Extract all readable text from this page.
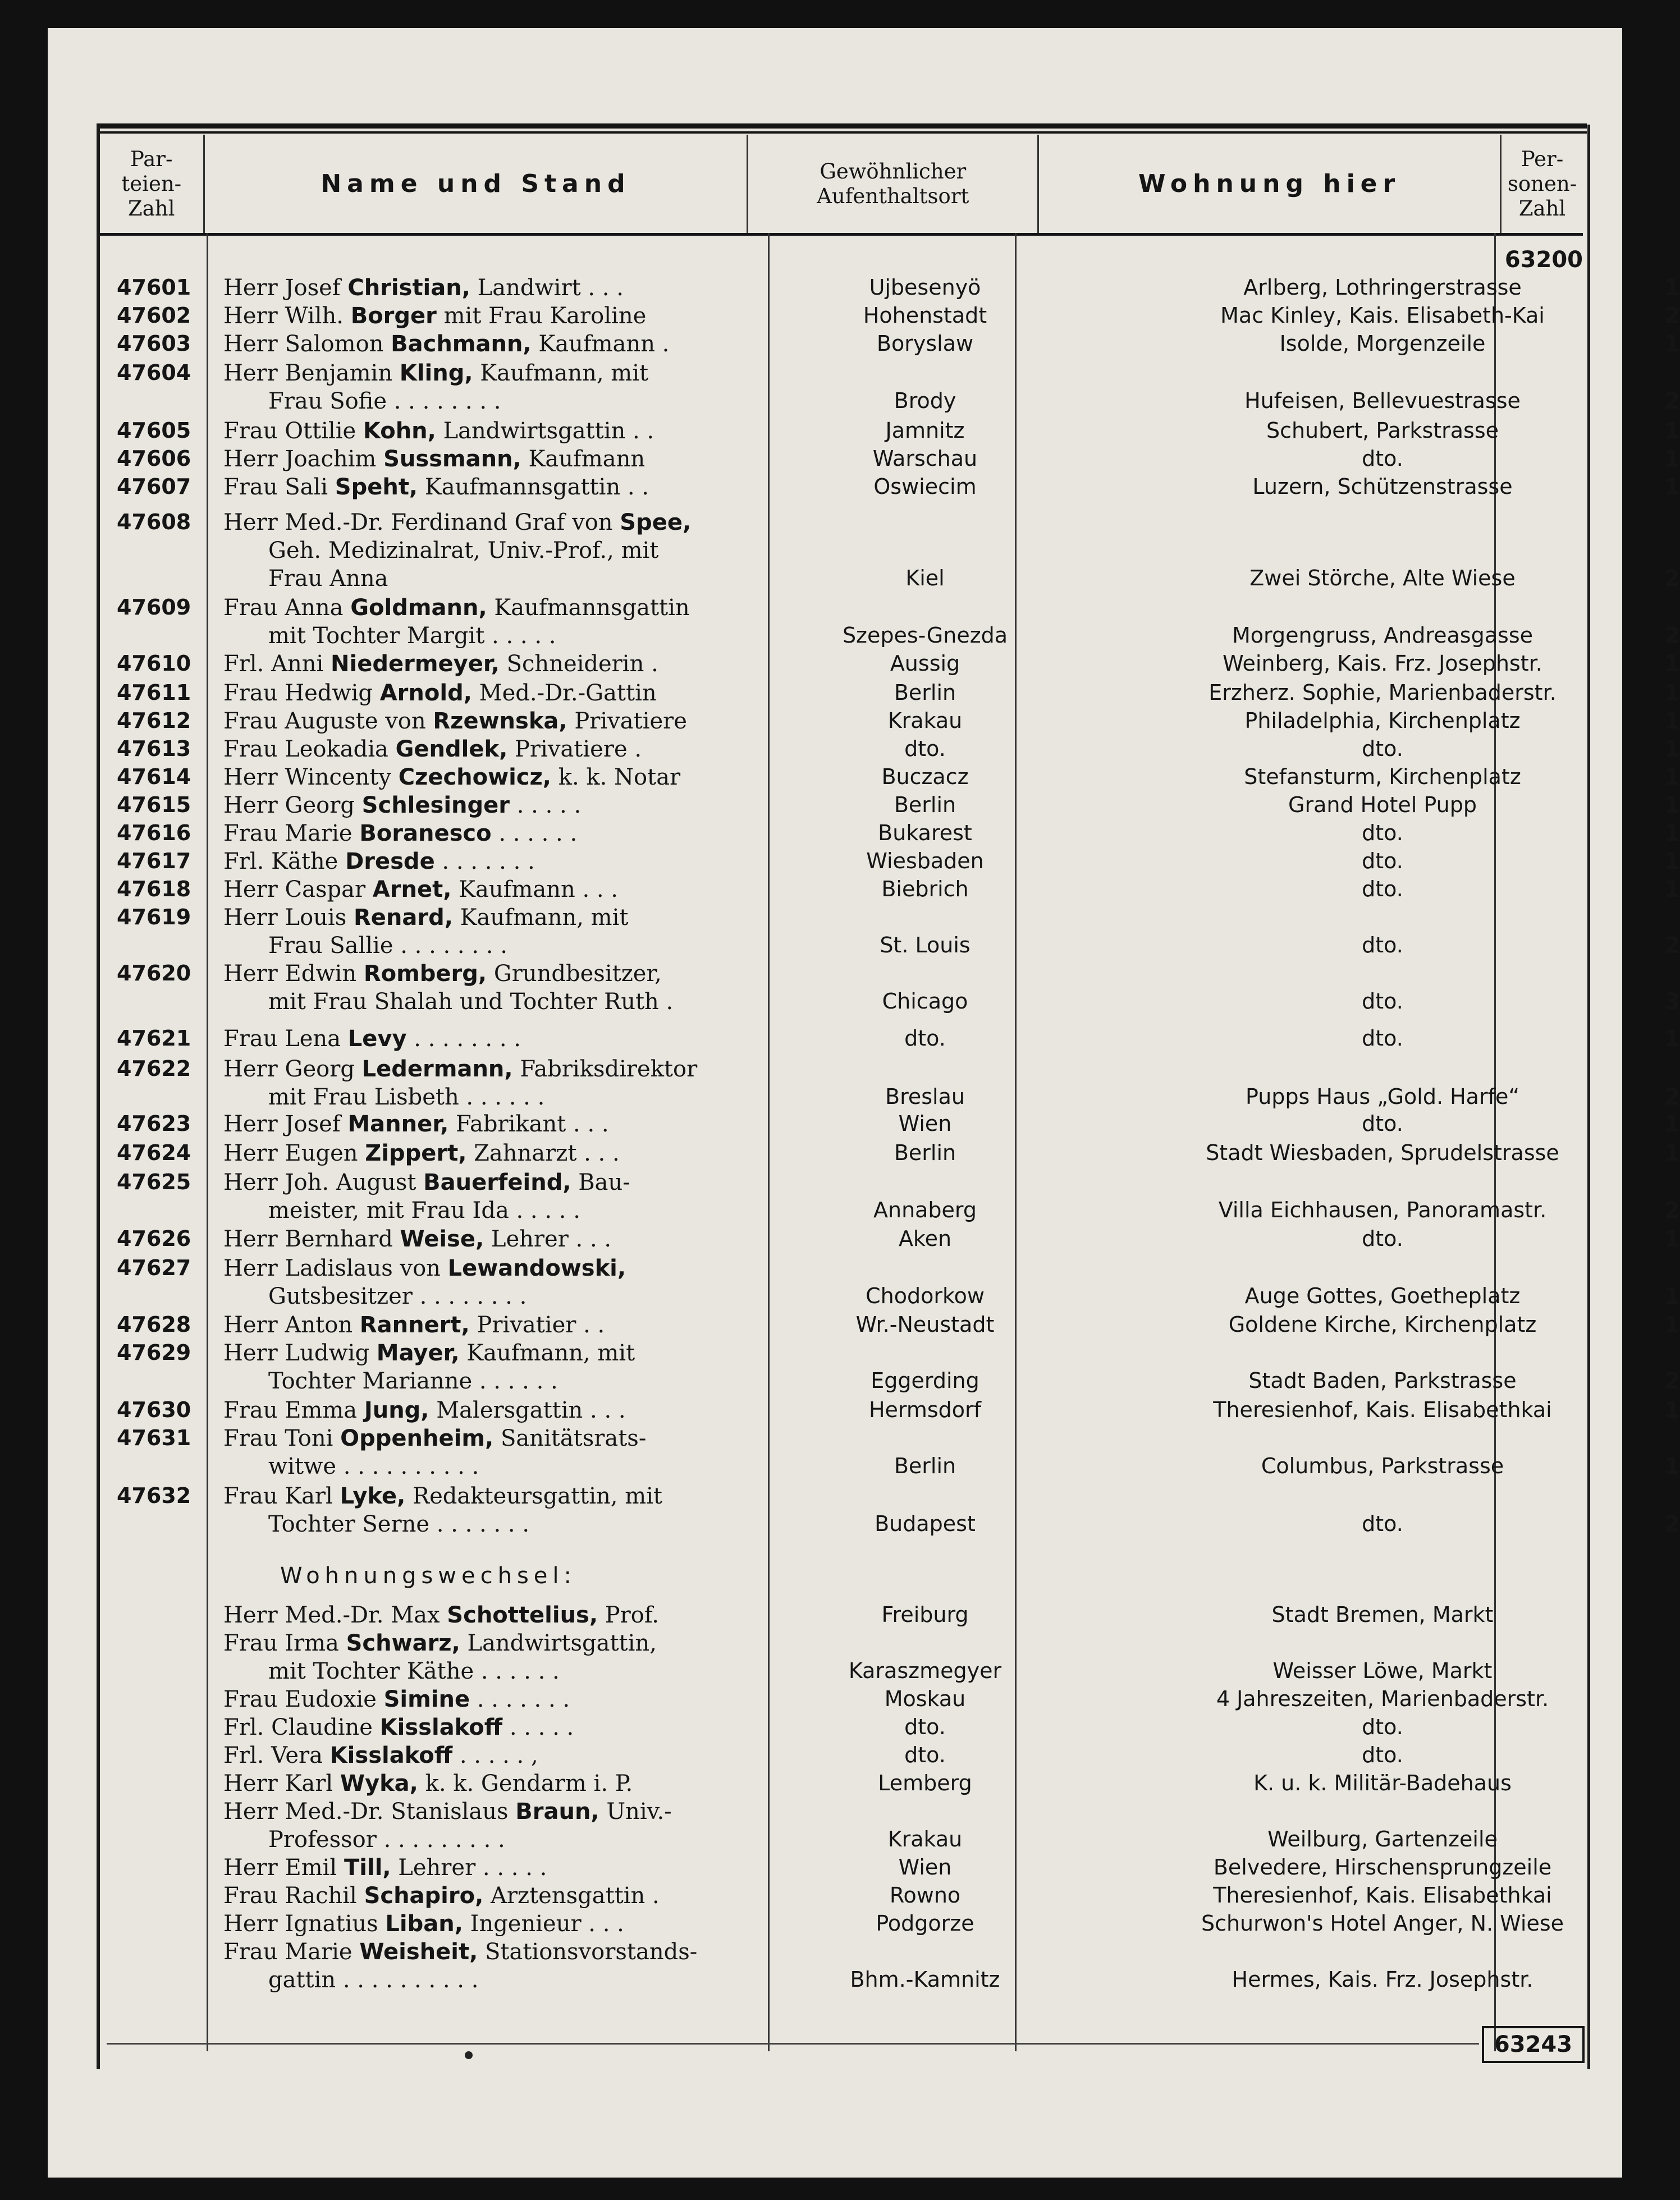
Par- teien- Zahl
Name und Stand	Gewöhnlicher Aufenthaltsort	Wohnung hier
Per- sonen- Zahl
63200
47601 Herr Josef Christian, Landwirt . . .	Ujbesenyö	Arlberg, Lothringerstrasse	1
47602 Herr Wilh. Borger mit Frau Karoline	Hohenstadt	Mac Kinley, Kais. Elisabeth-Kai	2
47603 Herr Salomon Bachmann, Kaufmann .	Boryslaw	Isolde, Morgenzeile	1
47604 Herr Benjamin Kling, Kaufmann, mit
Frau Sofie . . . . . . . .	Brody	Hufeisen, Bellevuestrasse	2
47605 Frau Ottilie Kohn, Landwirtsgattin . .	Jamnitz	Schubert, Parkstrasse	1
47606 Herr Joachim Sussmann, Kaufmann	Warschau	dto.	1
47607 Frau Sali Speht, Kaufmannsgattin . .	Oswiecim	Luzern, Schützenstrasse	1
47608 Herr Med.-Dr. Ferdinand Graf von Spee,
Geh. Medizinalrat, Univ.-Prof., mit
Frau Anna	Kiel	Zwei Störche, Alte Wiese	2
47609 Frau Anna Goldmann, Kaufmannsgattin
mit Tochter Margit . . . . .	Szepes-Gnezda	Morgengruss, Andreasgasse	2
47610 Frl. Anni Niedermeyer, Schneiderin .	Aussig	Weinberg, Kais. Frz. Josephstr.	1
47611 Frau Hedwig Arnold, Med.-Dr.-Gattin	Berlin	Erzherz. Sophie, Marienbaderstr.	1
47612 Frau Auguste von Rzewnska, Privatiere	Krakau	Philadelphia, Kirchenplatz	1
47613 Frau Leokadia Gendlek, Privatiere .	dto.	dto.	1
47614 Herr Wincenty Czechowicz, k. k. Notar	Buczacz	Stefansturm, Kirchenplatz	1
47615 Herr Georg Schlesinger . . . . .	Berlin	Grand Hotel Pupp	1
47616 Frau Marie Boranesco . . . . . .	Bukarest	dto.	1
47617 Frl. Käthe Dresde . . . . . . .	Wiesbaden	dto.	1
47618 Herr Caspar Arnet, Kaufmann . . .	Biebrich	dto.	1
47619 Herr Louis Renard, Kaufmann, mit
Frau Sallie . . . . . . . .	St. Louis	dto.	2
47620 Herr Edwin Romberg, Grundbesitzer,
mit Frau Shalah und Tochter Ruth .	Chicago	dto.	3
47621 Frau Lena Levy . . . . . . . .	dto.	dto.	1
47622 Herr Georg Ledermann, Fabriksdirektor
mit Frau Lisbeth . . . . . .	Breslau	Pupps Haus „Gold. Harfe“	2
47623 Herr Josef Manner, Fabrikant . . .	Wien	dto.	1
47624 Herr Eugen Zippert, Zahnarzt . . .	Berlin	Stadt Wiesbaden, Sprudelstrasse	1
47625 Herr Joh. August Bauerfeind, Bau-
meister, mit Frau Ida . . . . .	Annaberg	Villa Eichhausen, Panoramastr.	2
47626 Herr Bernhard Weise, Lehrer . . .	Aken	dto.	1
47627 Herr Ladislaus von Lewandowski,
Gutsbesitzer . . . . . . . .	Chodorkow	Auge Gottes, Goetheplatz	1
47628 Herr Anton Rannert, Privatier . .	Wr.-Neustadt	Goldene Kirche, Kirchenplatz	1
47629 Herr Ludwig Mayer, Kaufmann, mit
Tochter Marianne . . . . . .	Eggerding	Stadt Baden, Parkstrasse	2
47630 Frau Emma Jung, Malersgattin . . .	Hermsdorf	Theresienhof, Kais. Elisabethkai	1
47631 Frau Toni Oppenheim, Sanitätsrats-
witwe . . . . . . . . . .	Berlin	Columbus, Parkstrasse	1
47632 Frau Karl Lyke, Redakteursgattin, mit
Tochter Serne . . . . . . .	Budapest	dto.	2
Wohnungswechsel:
Herr Med.-Dr. Max Schottelius, Prof.	Freiburg	Stadt Bremen, Markt
Frau Irma Schwarz, Landwirtsgattin,
mit Tochter Käthe . . . . . .	Karaszmegyer	Weisser Löwe, Markt
Frau Eudoxie Simine . . . . . . .	Moskau	4 Jahreszeiten, Marienbaderstr.
Frl. Claudine Kisslakoff . . . . .	dto.	dto.
Frl. Vera Kisslakoff . . . . . ,	dto.	dto.
Herr Karl Wyka, k. k. Gendarm i. P.	Lemberg	K. u. k. Militär-Badehaus
Herr Med.-Dr. Stanislaus Braun, Univ.-
Professor . . . . . . . . .	Krakau	Weilburg, Gartenzeile
Herr Emil Till, Lehrer . . . . .	Wien	Belvedere, Hirschensprungzeile
Frau Rachil Schapiro, Arztensgattin .	Rowno	Theresienhof, Kais. Elisabethkai
Herr Ignatius Liban, Ingenieur . . .	Podgorze	Schurwon's Hotel Anger, N. Wiese
Frau Marie Weisheit, Stationsvorstands-
gattin . . . . . . . . . .	Bhm.-Kamnitz	Hermes, Kais. Frz. Josephstr.
63243
